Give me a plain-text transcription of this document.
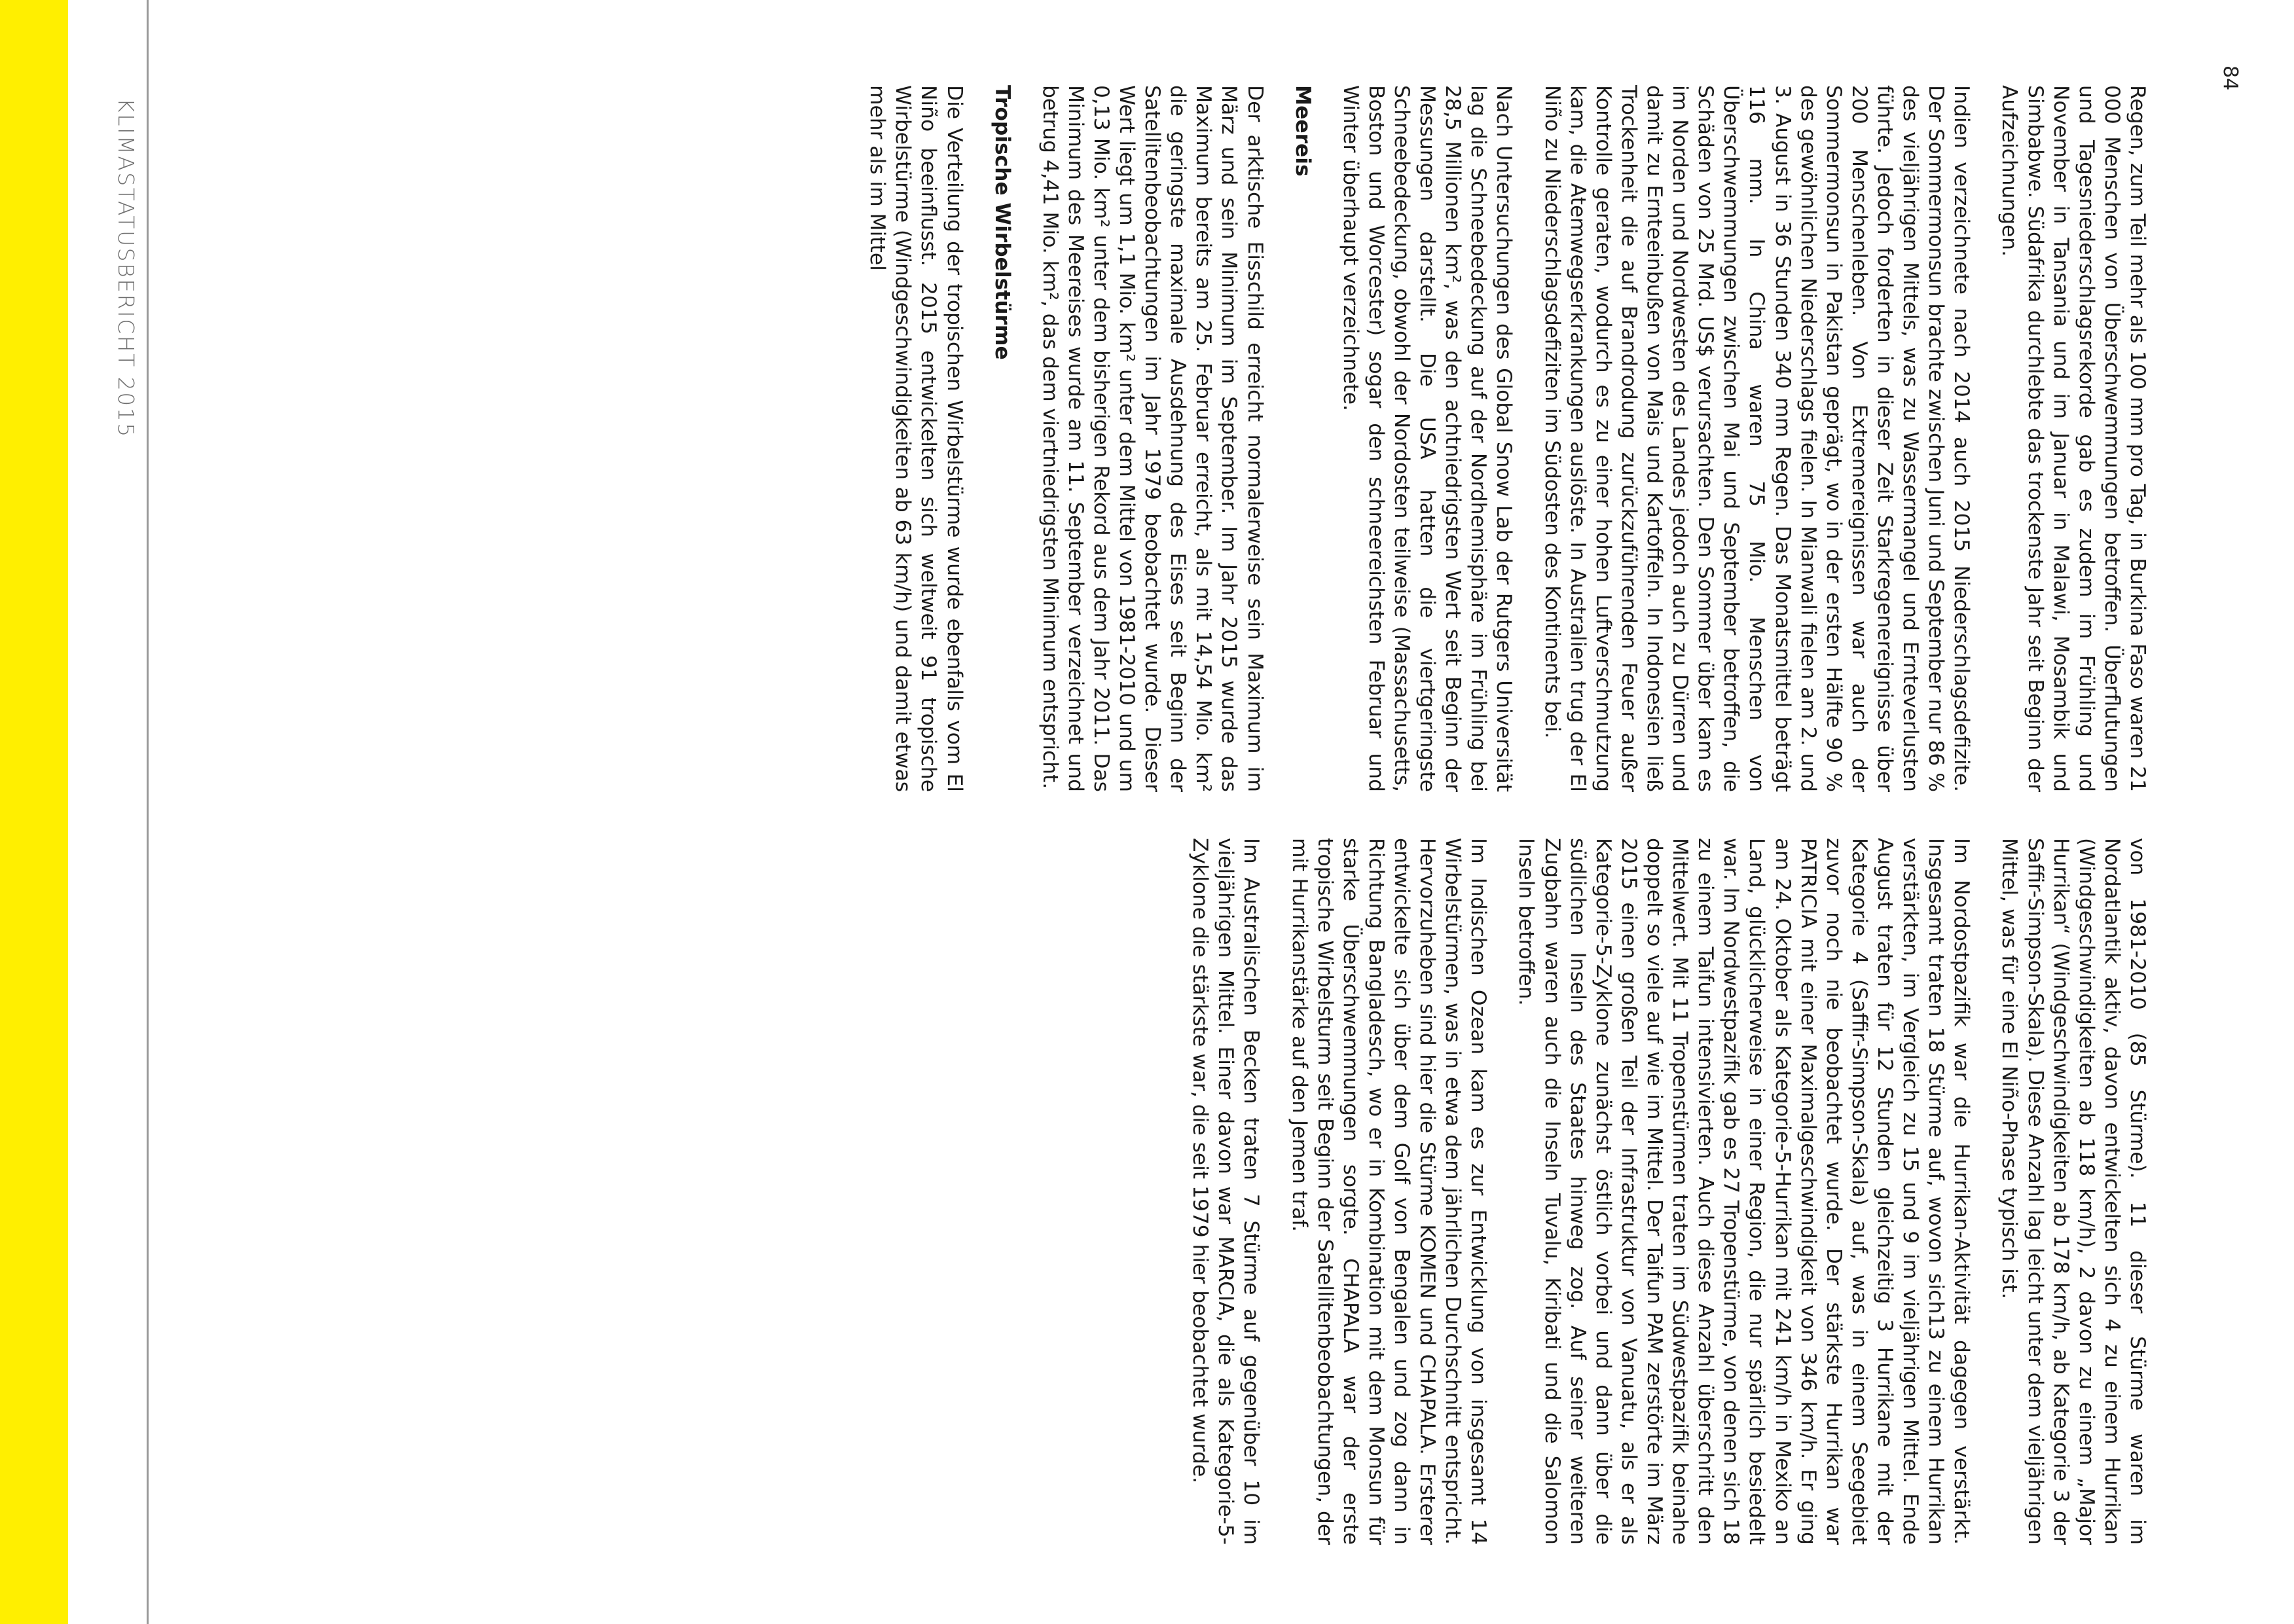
KLIMASTATUSBERICHT 2015
84

Regen, zum Teil mehr als 100 mm pro Tag, in Burkina Faso waren 21 000 Menschen von Überschwemmungen betroffen. Überflutungen und Tagesniederschlagsrekorde gab es zudem im Frühling und November in Tansania und im Januar in Malawi, Mosambik und Simbabwe. Südafrika durchlebte das trockenste Jahr seit Beginn der Aufzeichnungen.

Indien verzeichnete nach 2014 auch 2015 Niederschlagsdefizite. Der Sommermonsun brachte zwischen Juni und September nur 86 % des vieljährigen Mittels, was zu Wassermangel und Ernteverlusten führte. Jedoch forderten in dieser Zeit Starkregenereignisse über 200 Menschenleben. Von Extremereignissen war auch der Sommermonsun in Pakistan geprägt, wo in der ersten Hälfte 90 % des gewöhnlichen Niederschlags fielen. In Mianwali fielen am 2. und 3. August in 36 Stunden 340 mm Regen. Das Monatsmittel beträgt 116 mm. In China waren 75 Mio. Menschen von Überschwemmungen zwischen Mai und September betroffen, die Schäden von 25 Mrd. US$ verursachten. Den Sommer über kam es im Norden und Nordwesten des Landes jedoch auch zu Dürren und damit zu Ernteeinbußen von Mais und Kartoffeln. In Indonesien ließ Trockenheit die auf Brandrodung zurückzuführenden Feuer außer Kontrolle geraten, wodurch es zu einer hohen Luftverschmutzung kam, die Atemwegserkrankungen auslöste. In Australien trug der El Niño zu Niederschlagsdefiziten im Südosten des Kontinents bei.

Nach Untersuchungen des Global Snow Lab der Rutgers Universität lag die Schneebedeckung auf der Nordhemisphäre im Frühling bei 28,5 Millionen km², was den achtniedrigsten Wert seit Beginn der Messungen darstellt. Die USA hatten die viertgeringste Schneebedeckung, obwohl der Nordosten teilweise (Massachusetts, Boston und Worcester) sogar den schneereichsten Februar und Winter überhaupt verzeichnete.

Meereis

Der arktische Eisschild erreicht normalerweise sein Maximum im März und sein Minimum im September. Im Jahr 2015 wurde das Maximum bereits am 25. Februar erreicht, als mit 14,54 Mio. km² die geringste maximale Ausdehnung des Eises seit Beginn der Satellitenbeobachtungen im Jahr 1979 beobachtet wurde. Dieser Wert liegt um 1,1 Mio. km² unter dem Mittel von 1981-2010 und um 0,13 Mio. km² unter dem bisherigen Rekord aus dem Jahr 2011. Das Minimum des Meereises wurde am 11. September verzeichnet und betrug 4,41 Mio. km², das dem viertniedrigsten Minimum entspricht.

Tropische Wirbelstürme

Die Verteilung der tropischen Wirbelstürme wurde ebenfalls vom El Niño beeinflusst. 2015 entwickelten sich weltweit 91 tropische Wirbelstürme (Windgeschwindigkeiten ab 63 km/h) und damit etwas mehr als im Mittel

von 1981-2010 (85 Stürme). 11 dieser Stürme waren im Nordatlantik aktiv, davon entwickelten sich 4 zu einem Hurrikan (Windgeschwindigkeiten ab 118 km/h), 2 davon zu einem „Major Hurrikan“ (Windgeschwindigkeiten ab 178 km/h, ab Kategorie 3 der Saffir-Simpson-Skala). Diese Anzahl lag leicht unter dem vieljährigen Mittel, was für eine El Niño-Phase typisch ist.

Im Nordostpazifik war die Hurrikan-Aktivität dagegen verstärkt. Insgesamt traten 18 Stürme auf, wovon sich13 zu einem Hurrikan verstärkten, im Vergleich zu 15 und 9 im vieljährigen Mittel. Ende August traten für 12 Stunden gleichzeitig 3 Hurrikane mit der Kategorie 4 (Saffir-Simpson-Skala) auf, was in einem Seegebiet zuvor noch nie beobachtet wurde. Der stärkste Hurrikan war PATRICIA mit einer Maximalgeschwindigkeit von 346 km/h. Er ging am 24. Oktober als Kategorie-5-Hurrikan mit 241 km/h in Mexiko an Land, glücklicherweise in einer Region, die nur spärlich besiedelt war. Im Nordwestpazifik gab es 27 Tropenstürme, von denen sich 18 zu einem Taifun intensivierten. Auch diese Anzahl überschritt den Mittelwert. Mit 11 Tropenstürmen traten im Südwestpazifik beinahe doppelt so viele auf wie im Mittel. Der Taifun PAM zerstörte im März 2015 einen großen Teil der Infrastruktur von Vanuatu, als er als Kategorie-5-Zyklone zunächst östlich vorbei und dann über die südlichen Inseln des Staates hinweg zog. Auf seiner weiteren Zugbahn waren auch die Inseln Tuvalu, Kiribati und die Salomon Inseln betroffen.

Im Indischen Ozean kam es zur Entwicklung von insgesamt 14 Wirbelstürmen, was in etwa dem jährlichen Durchschnitt entspricht. Hervorzuheben sind hier die Stürme KOMEN und CHAPALA. Ersterer entwickelte sich über dem Golf von Bengalen und zog dann in Richtung Bangladesch, wo er in Kombination mit dem Monsun für starke Überschwemmungen sorgte. CHAPALA war der erste tropische Wirbelsturm seit Beginn der Satellitenbeobachtungen, der mit Hurrikanstärke auf den Jemen traf.

Im Australischen Becken traten 7 Stürme auf gegenüber 10 im vieljährigen Mittel. Einer davon war MARCIA, die als Kategorie-5-Zyklone die stärkste war, die seit 1979 hier beobachtet wurde.
